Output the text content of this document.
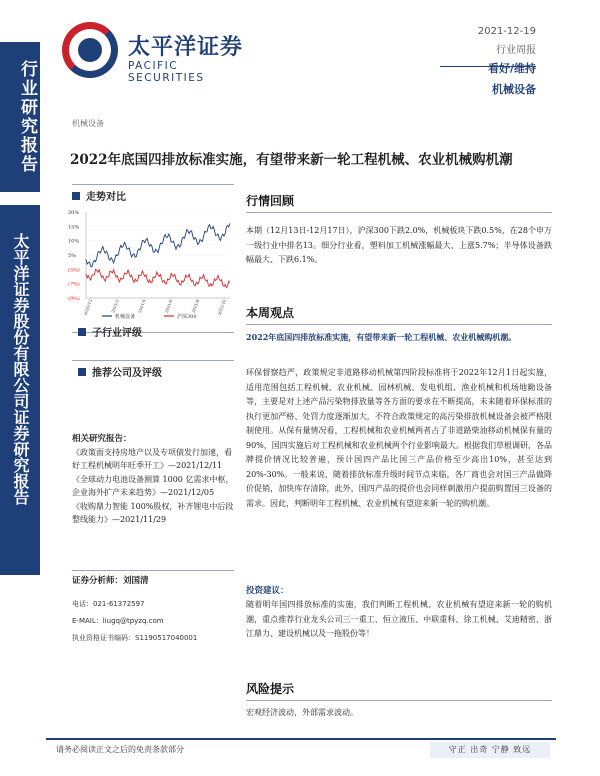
行业研究报告
太平洋证券股份有限公司证券研究报告
太平洋证券
PACIFIC SECURITIES
2021-12-19
行业周报
看好/维持
机械设备
机械设备
2022年底国四排放标准实施，有望带来新一轮工程机械、农业机械购机潮
走势对比
20%
15%
10%
5%
(5%)
(7%)
(9%) 2020/12	2021/2	2021/4	2021/6	2021/8	2021/10
机械设备	沪深300
子行业评级
推荐公司及评级
相关研究报告：

《政策面支持房地产以及专项债发行加速，看好工程机械明年旺季开工》—2021/12/11

《全球动力电池设备测算 1000 亿需求中枢，企业海外扩产未来趋势》—2021/12/05

《收购鼎力智能 100%股权，补齐锂电中后段整线能力》—2021/11/29

证券分析师：刘国清
电话：021-61372597
E-MAIL：liugq@tpyzq.com
执业资格证书编码：S1190517040001
行情回顾
本期（12月13日-12月17日），沪深300下跌2.0%，机械板块下跌0.5%，在28个申万一级行业中排名13。细分行业看，塑料加工机械涨幅最大、上涨5.7%；半导体设备跌幅最大、下跌6.1%。
本周观点
2022年底国四排放标准实施，有望带来新一轮工程机械、农业机械购机潮。
环保督察趋严，政策规定非道路移动机械第四阶段标准将于2022年12月1日起实施，适用范围包括工程机械、农业机械、园林机械、发电机组、渔业机械和机场地勤设备等，主要是对上述产品污染物排放量等各方面的要求在不断提高，未来随着环保标准的执行更加严格、处罚力度逐渐加大，不符合政策规定的高污染排放机械设备会被严格限制使用。从保有量情况看，工程机械和农业机械两者占了非道路柴油移动机械保有量的90%，国四实施后对工程机械和农业机械两个行业影响最大。根据我们草根调研，各品牌提价情况比较普遍，预计国四产品比国三产品价格至少高出10%，甚至达到20%-30%。一般来说，随着排放标准升级时间节点来临，各厂商也会对国三产品做降价促销，加快库存清除，此外，国四产品的提价也会同样刺激用户提前购置国三设备的需求。因此，判断明年工程机械、农业机械有望迎来新一轮的购机潮。
投资建议：
随着明年国四排放标准的实施，我们判断工程机械、农业机械有望迎来新一轮的购机潮，重点推荐行业龙头公司三一重工、恒立液压、中联重科、徐工机械、艾迪精密、浙江鼎力、建设机械以及一拖股份等！
风险提示
宏观经济波动，外部需求波动。
请务必阅读正文之后的免责条款部分	守正 出奇 宁静 致远
